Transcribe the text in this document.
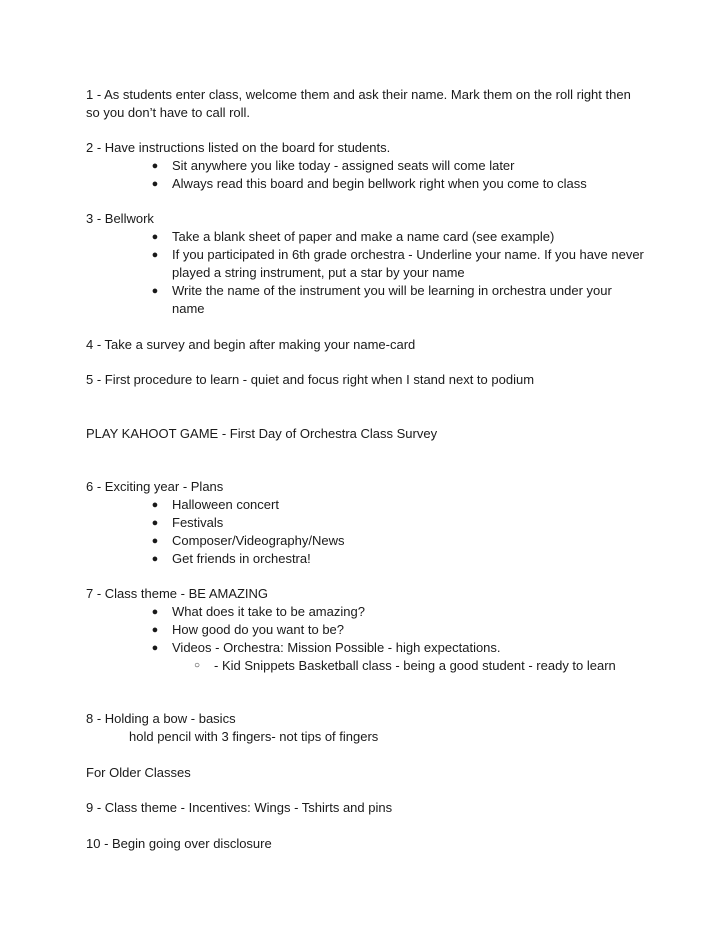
1 - As students enter class, welcome them and ask their name. Mark them on the roll right then
so you don’t have to call roll.
2 - Have instructions listed on the board for students.
● Sit anywhere you like today - assigned seats will come later
● Always read this board and begin bellwork right when you come to class
3 - Bellwork
● Take a blank sheet of paper and make a name card (see example)
● If you participated in 6th grade orchestra - Underline your name. If you have never
played a string instrument, put a star by your name
● Write the name of the instrument you will be learning in orchestra under your
name
4 - Take a survey and begin after making your name-card
5 - First procedure to learn - quiet and focus right when I stand next to podium
PLAY KAHOOT GAME - First Day of Orchestra Class Survey
6 - Exciting year - Plans
● Halloween concert
● Festivals
● Composer/Videography/News
● Get friends in orchestra!
7 - Class theme - BE AMAZING
● What does it take to be amazing?
● How good do you want to be?
● Videos - Orchestra: Mission Possible - high expectations.
○ - Kid Snippets Basketball class - being a good student - ready to learn
8 - Holding a bow - basics
hold pencil with 3 fingers- not tips of fingers
For Older Classes
9 - Class theme - Incentives: Wings - Tshirts and pins
10 - Begin going over disclosure
